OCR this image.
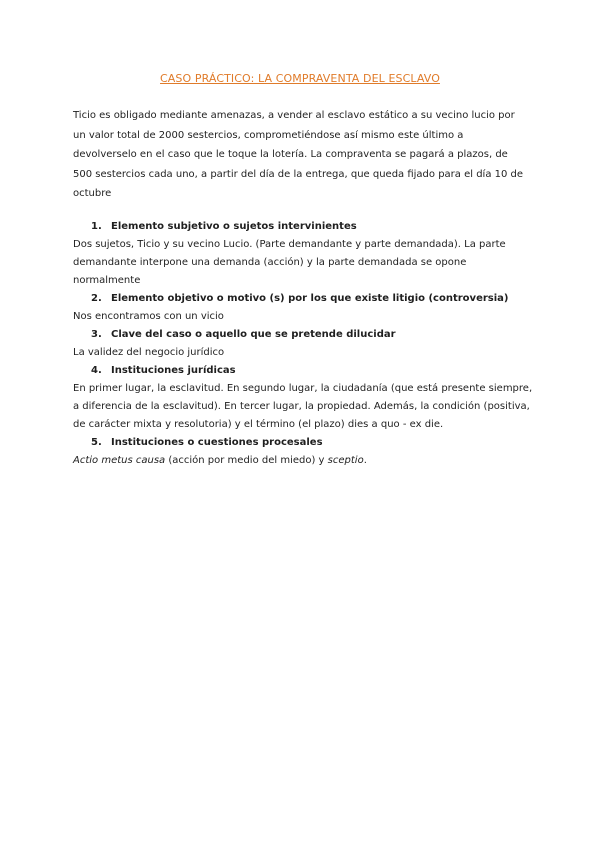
CASO PRÁCTICO: LA COMPRAVENTA DEL ESCLAVO
Ticio es obligado mediante amenazas, a vender al esclavo estático a su vecino lucio por un valor total de 2000 sestercios, comprometiéndose así mismo este último a devolverselo en el caso que le toque la lotería. La compraventa se pagará a plazos, de 500 sestercios cada uno, a partir del día de la entrega, que queda fijado para el día 10 de octubre
1. Elemento subjetivo o sujetos intervinientes

Dos sujetos, Ticio y su vecino Lucio. (Parte demandante y parte demandada). La parte demandante interpone una demanda (acción) y la parte demandada se opone normalmente

2. Elemento objetivo o motivo (s) por los que existe litigio (controversia)

Nos encontramos con un vicio

3. Clave del caso o aquello que se pretende dilucidar

La validez del negocio jurídico

4. Instituciones jurídicas

En primer lugar, la esclavitud. En segundo lugar, la ciudadanía (que está presente siempre, a diferencia de la esclavitud). En tercer lugar, la propiedad. Además, la condición (positiva, de carácter mixta y resolutoria) y el término (el plazo) dies a quo - ex die.

5. Instituciones o cuestiones procesales

Actio metus causa (acción por medio del miedo) y sceptio.
